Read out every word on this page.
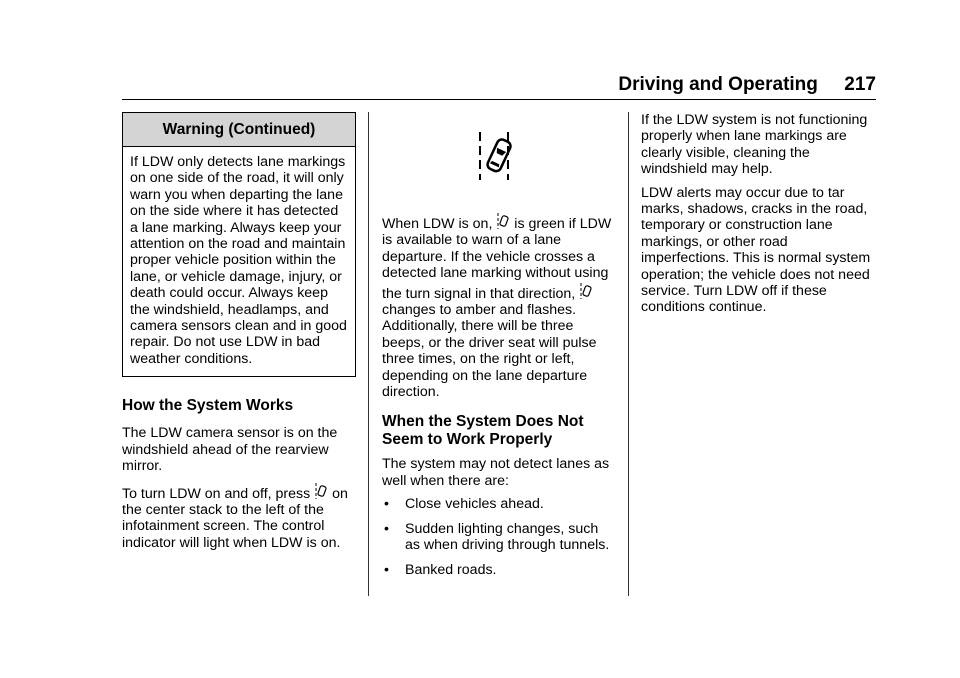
Driving and Operating     217
Warning (Continued)
If LDW only detects lane markings on one side of the road, it will only warn you when departing the lane on the side where it has detected a lane marking. Always keep your attention on the road and maintain proper vehicle position within the lane, or vehicle damage, injury, or death could occur. Always keep the windshield, headlamps, and camera sensors clean and in good repair. Do not use LDW in bad weather conditions.
How the System Works

The LDW camera sensor is on the windshield ahead of the rearview mirror.

To turn LDW on and off, press on the center stack to the left of the infotainment screen. The control indicator will light when LDW is on.

When LDW is on, is green if LDW is available to warn of a lane departure. If the vehicle crosses a detected lane marking without using the turn signal in that direction,  changes to amber and flashes. Additionally, there will be three beeps, or the driver seat will pulse three times, on the right or left, depending on the lane departure direction.

When the System Does Not Seem to Work Properly

The system may not detect lanes as well when there are:

• Close vehicles ahead.
• Sudden lighting changes, such as when driving through tunnels.
• Banked roads.

If the LDW system is not functioning properly when lane markings are clearly visible, cleaning the windshield may help.

LDW alerts may occur due to tar marks, shadows, cracks in the road, temporary or construction lane markings, or other road imperfections. This is normal system operation; the vehicle does not need service. Turn LDW off if these conditions continue.
